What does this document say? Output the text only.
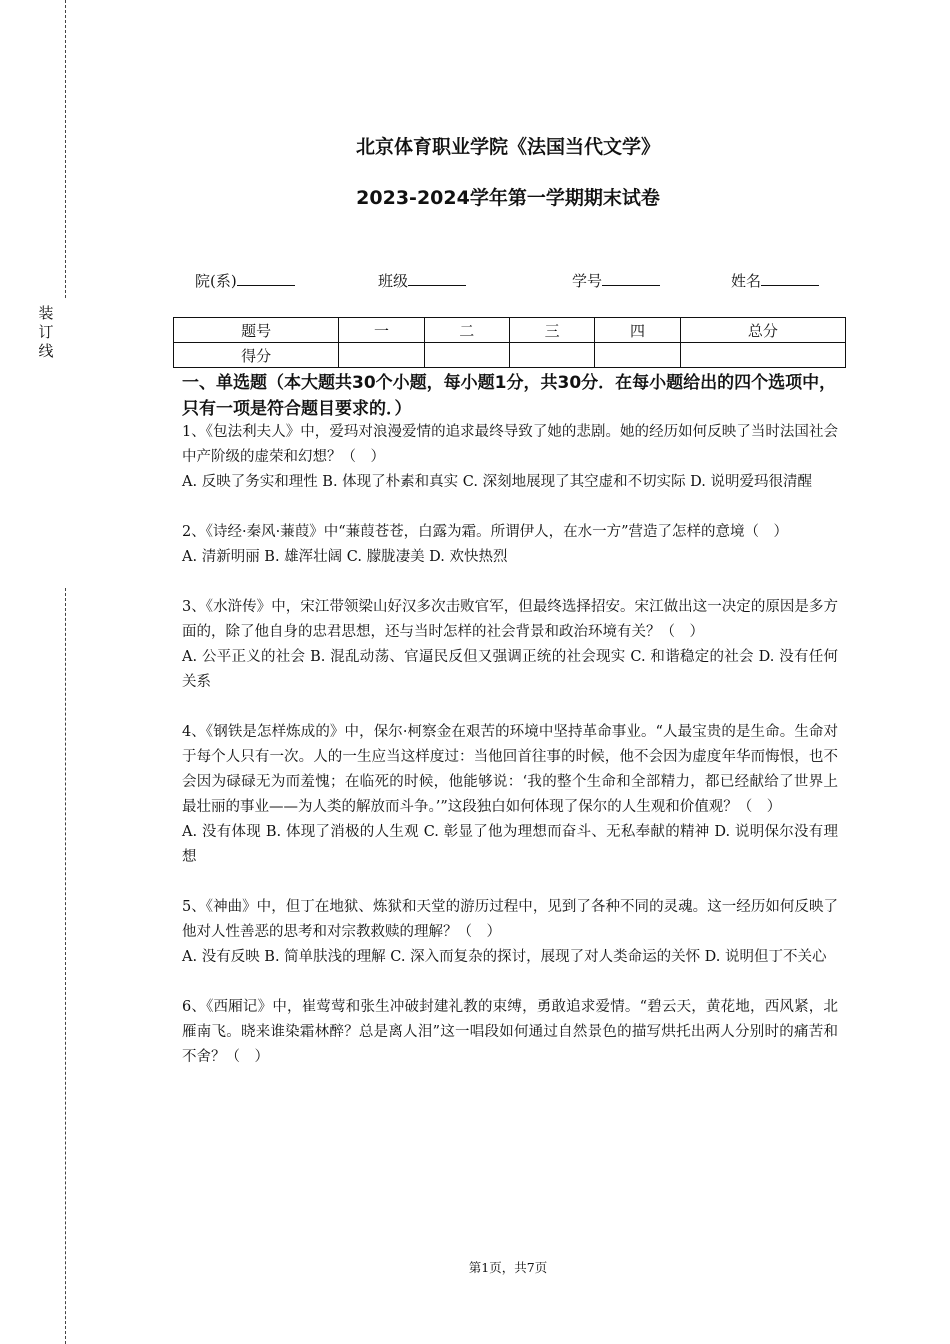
装订线
北京体育职业学院《法国当代文学》
2023-2024学年第一学期期末试卷
院(系)	班级	学号	姓名
题号	一	二	三	四	总分
得分					
一、单选题（本大题共30个小题，每小题1分，共30分．在每小题给出的四个选项中，只有一项是符合题目要求的．）

1、《包法利夫人》中，爱玛对浪漫爱情的追求最终导致了她的悲剧。她的经历如何反映了当时法国社会中产阶级的虚荣和幻想？（　）

A. 反映了务实和理性 B. 体现了朴素和真实 C. 深刻地展现了其空虚和不切实际 D. 说明爱玛很清醒

2、《诗经·秦风·蒹葭》中“蒹葭苍苍，白露为霜。所谓伊人，在水一方”营造了怎样的意境（　）

A. 清新明丽 B. 雄浑壮阔 C. 朦胧凄美 D. 欢快热烈

3、《水浒传》中，宋江带领梁山好汉多次击败官军，但最终选择招安。宋江做出这一决定的原因是多方面的，除了他自身的忠君思想，还与当时怎样的社会背景和政治环境有关？（　）

A. 公平正义的社会 B. 混乱动荡、官逼民反但又强调正统的社会现实 C. 和谐稳定的社会 D. 没有任何关系

4、《钢铁是怎样炼成的》中，保尔·柯察金在艰苦的环境中坚持革命事业。“人最宝贵的是生命。生命对于每个人只有一次。人的一生应当这样度过：当他回首往事的时候，他不会因为虚度年华而悔恨，也不会因为碌碌无为而羞愧；在临死的时候，他能够说：‘我的整个生命和全部精力，都已经献给了世界上最壮丽的事业——为人类的解放而斗争。’”这段独白如何体现了保尔的人生观和价值观？（　）

A. 没有体现 B. 体现了消极的人生观 C. 彰显了他为理想而奋斗、无私奉献的精神 D. 说明保尔没有理想

5、《神曲》中，但丁在地狱、炼狱和天堂的游历过程中，见到了各种不同的灵魂。这一经历如何反映了他对人性善恶的思考和对宗教救赎的理解？（　）

A. 没有反映 B. 简单肤浅的理解 C. 深入而复杂的探讨，展现了对人类命运的关怀 D. 说明但丁不关心

6、《西厢记》中，崔莺莺和张生冲破封建礼教的束缚，勇敢追求爱情。“碧云天，黄花地，西风紧，北雁南飞。晓来谁染霜林醉？总是离人泪”这一唱段如何通过自然景色的描写烘托出两人分别时的痛苦和不舍？（　）

第1页，共7页
